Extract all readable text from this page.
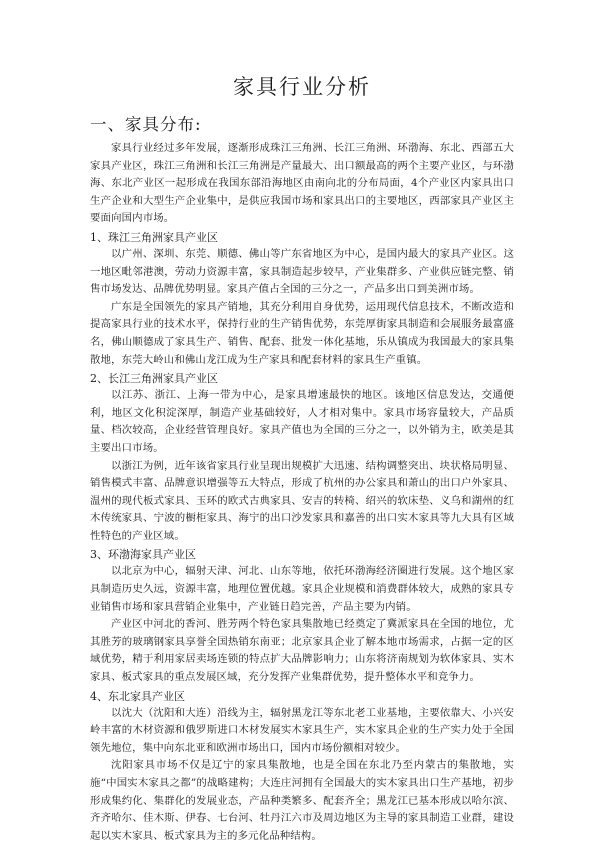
家具行业分析
一、家具分布:

家具行业经过多年发展，逐渐形成珠江三角洲、长江三角洲、环渤海、东北、西部五大家具产业区，珠江三角洲和长江三角洲是产量最大、出口额最高的两个主要产业区，与环渤海、东北产业区一起形成在我国东部沿海地区由南向北的分布局面，4个产业区内家具出口生产企业和大型生产企业集中，是供应我国市场和家具出口的主要地区，西部家具产业区主要面向国内市场。

1、珠江三角洲家具产业区

以广州、深圳、东莞、顺德、佛山等广东省地区为中心，是国内最大的家具产业区。这一地区毗邻港澳，劳动力资源丰富，家具制造起步较早，产业集群多、产业供应链完整、销售市场发达、品牌优势明显。家具产值占全国的三分之一，产品多出口到美洲市场。

广东是全国领先的家具产销地，其充分利用自身优势，运用现代信息技术，不断改造和提高家具行业的技术水平，保持行业的生产销售优势，东莞厚街家具制造和会展服务最富盛名，佛山顺德成了家具生产、销售、配套、批发一体化基地，乐从镇成为我国最大的家具集散地，东莞大岭山和佛山龙江成为生产家具和配套材料的家具生产重镇。

2、长江三角洲家具产业区

以江苏、浙江、上海一带为中心，是家具增速最快的地区。该地区信息发达，交通便利，地区文化积淀深厚，制造产业基础较好，人才相对集中。家具市场容量较大，产品质量、档次较高，企业经营管理良好。家具产值也为全国的三分之一，以外销为主，欧美是其主要出口市场。

以浙江为例，近年该省家具行业呈现出规模扩大迅速、结构调整突出、块状格局明显、销售模式丰富、品牌意识增强等五大特点，形成了杭州的办公家具和萧山的出口户外家具、温州的现代板式家具、玉环的欧式古典家具、安吉的转椅、绍兴的软床垫、义乌和湖州的红木传统家具、宁波的橱柜家具、海宁的出口沙发家具和嘉善的出口实木家具等九大具有区域性特色的产业区域。

3、环渤海家具产业区

以北京为中心，辐射天津、河北、山东等地，依托环渤海经济圈进行发展。这个地区家具制造历史久远，资源丰富，地理位置优越。家具企业规模和消费群体较大，成熟的家具专业销售市场和家具营销企业集中，产业链日趋完善，产品主要为内销。

产业区中河北的香河、胜芳两个特色家具集散地已经奠定了冀派家具在全国的地位，尤其胜芳的玻璃钢家具享誉全国热销东南亚；北京家具企业了解本地市场需求，占据一定的区域优势，精于利用家居卖场连锁的特点扩大品牌影响力；山东将济南规划为软体家具、实木家具、板式家具的重点发展区域，充分发挥产业集群优势，提升整体水平和竞争力。

4、东北家具产业区

以沈大（沈阳和大连）沿线为主，辐射黑龙江等东北老工业基地，主要依靠大、小兴安岭丰富的木材资源和俄罗斯进口木材发展实木家具生产，实木家具企业的生产实力处于全国领先地位，集中向东北亚和欧洲市场出口，国内市场份额相对较少。

沈阳家具市场不仅是辽宁的家具集散地，也是全国在东北乃至内蒙古的集散地，实施“中国实木家具之都”的战略建构；大连庄河拥有全国最大的实木家具出口生产基地，初步形成集约化、集群化的发展业态，产品种类繁多、配套齐全；黑龙江已基本形成以哈尔滨、齐齐哈尔、佳木斯、伊春、七台河、牡丹江六市及周边地区为主导的家具制造工业群，建设起以实木家具、板式家具为主的多元化品种结构。
